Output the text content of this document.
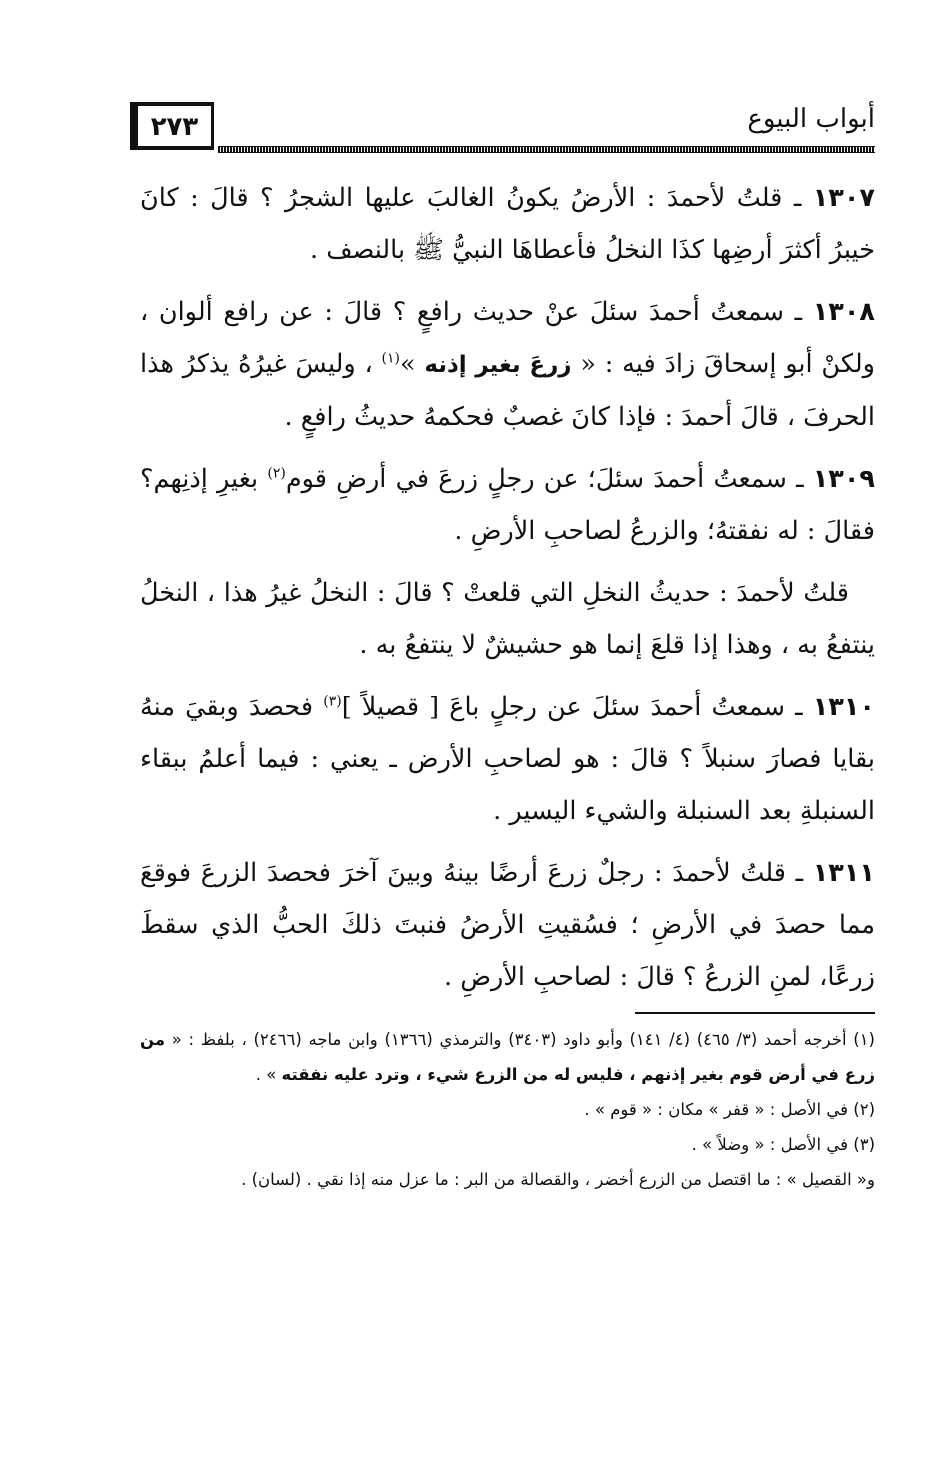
٢٧٣	أبواب البيوع

١٣٠٧ ـ قلتُ لأحمدَ : الأرضُ يكونُ الغالبَ عليها الشجرُ ؟ قالَ : كانَ خيبرُ أكثرَ أرضِها كذَا النخلُ فأعطاهَا النبيُّ ﷺ بالنصف .

١٣٠٨ ـ سمعتُ أحمدَ سئلَ عنْ حديث رافعٍ ؟ قالَ : عن رافع ألوان ، ولكنْ أبو إسحاقَ زادَ فيه : « زرعَ بغير إذنه »$^{(١)}$ ، وليسَ غيرُهُ يذكرُ هذا الحرفَ ، قالَ أحمدَ : فإذا كانَ غصبٌ فحكمهُ حديثُ رافعٍ .

١٣٠٩ ـ سمعتُ أحمدَ سئلَ؛ عن رجلٍ زرعَ في أرضِ قوم$^{(٢)}$ بغيرِ إذنِهم؟ فقالَ : له نفقتهُ؛ والزرعُ لصاحبِ الأرضِ .

قلتُ لأحمدَ : حديثُ النخلِ التي قلعتْ ؟ قالَ : النخلُ غيرُ هذا ، النخلُ ينتفعُ به ، وهذا إذا قلعَ إنما هو حشيشٌ لا ينتفعُ به .

١٣١٠ ـ سمعتُ أحمدَ سئلَ عن رجلٍ باعَ [ قصيلاً ]$^{(٣)}$ فحصدَ وبقيَ منهُ بقايا فصارَ سنبلاً ؟ قالَ : هو لصاحبِ الأرض ـ يعني : فيما أعلمُ ببقاء السنبلةِ بعد السنبلة والشيء اليسير .

١٣١١ ـ قلتُ لأحمدَ : رجلٌ زرعَ أرضًا بينهُ وبينَ آخرَ فحصدَ الزرعَ فوقعَ مما حصدَ في الأرضِ ؛ فسُقيتِ الأرضُ فنبتَ ذلكَ الحبُّ الذي سقطَ زرعًا، لمنِ الزرعُ ؟ قالَ : لصاحبِ الأرضِ .

(١) أخرجه أحمد (٣/ ٤٦٥) (٤/ ١٤١) وأبو داود (٣٤٠٣) والترمذي (١٣٦٦) وابن ماجه (٢٤٦٦) ، بلفظ : « من زرع في أرض قوم بغير إذنهم ، فليس له من الزرع شيء ، وترد عليه نفقته » .

(٢) في الأصل : « قفر » مكان : « قوم » .

(٣) في الأصل : « وضلاً » .

و« القصيل » : ما اقتصل من الزرع أخضر ، والقصالة من البر : ما عزل منه إذا نقي . (لسان) .
